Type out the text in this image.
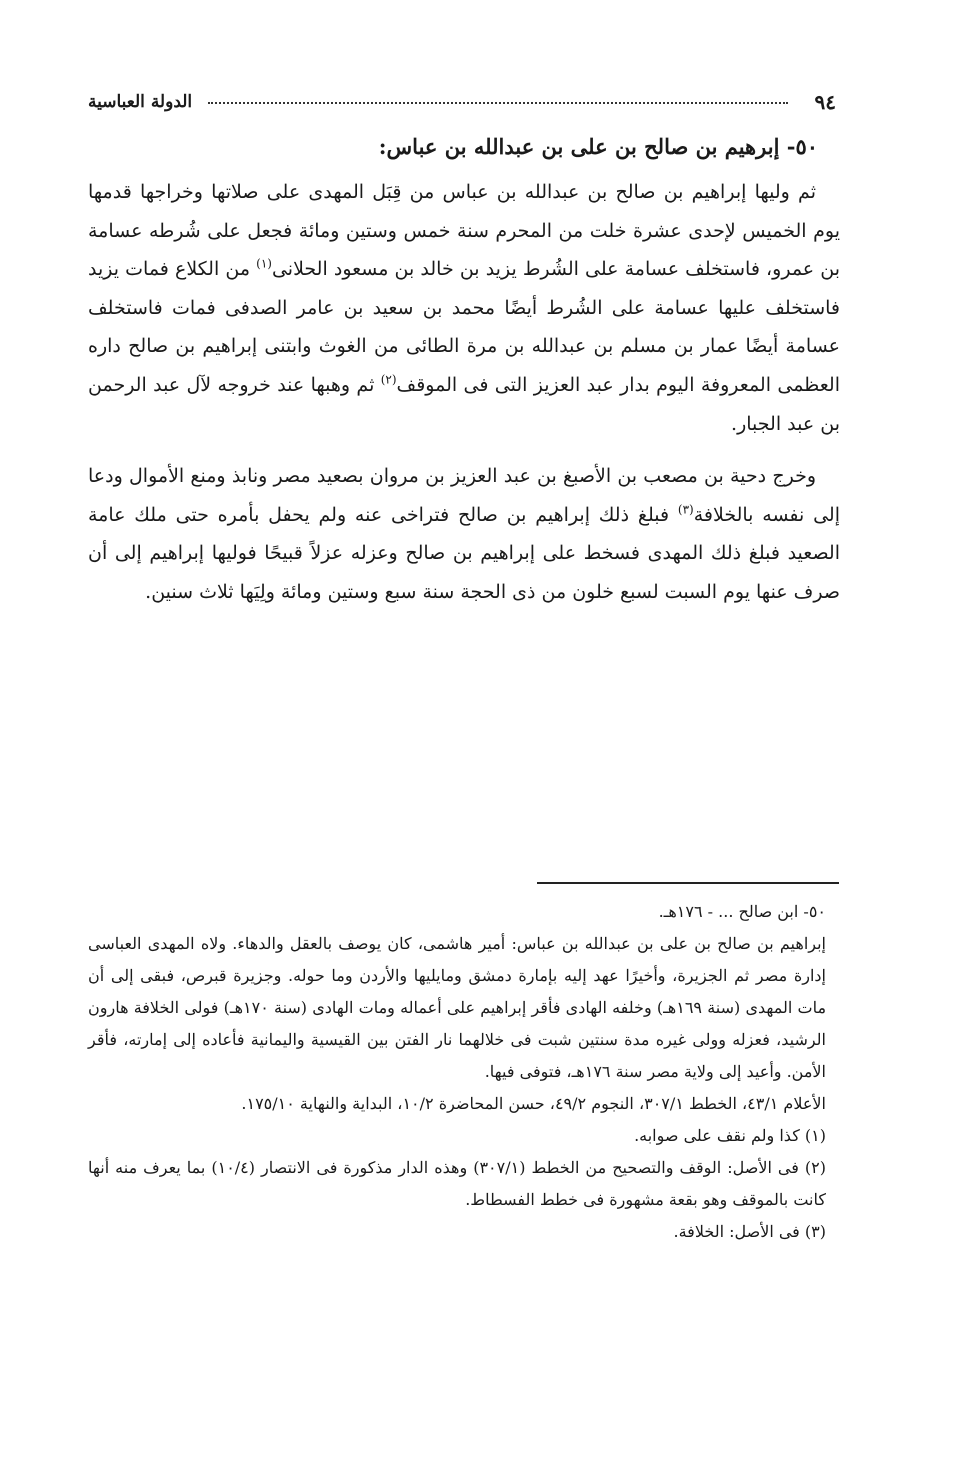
٩٤
الدولة العباسية
٥٠- إبرهيم بن صالح بن على بن عبدالله بن عباس:

ثم وليها إبراهيم بن صالح بن عبدالله بن عباس من قِبَل المهدى على صلاتها وخراجها قدمها يوم الخميس لإحدى عشرة خلت من المحرم سنة خمس وستين ومائة فجعل على شُرطه عسامة بن عمرو، فاستخلف عسامة على الشُرط يزيد بن خالد بن مسعود الحلانى$^{(١)}$ من الكلاع فمات يزيد فاستخلف عليها عسامة على الشُرط أيضًا محمد بن سعيد بن عامر الصدفى فمات فاستخلف عسامة أيضًا عمار بن مسلم بن عبدالله بن مرة الطائى من الغوث وابتنى إبراهيم بن صالح داره العظمى المعروفة اليوم بدار عبد العزيز التى فى الموقف$^{(٢)}$ ثم وهبها عند خروجه لآل عبد الرحمن بن عبد الجبار.

وخرج دحية بن مصعب بن الأصبغ بن عبد العزيز بن مروان بصعيد مصر ونابذ ومنع الأموال ودعا إلى نفسه بالخلافة$^{(٣)}$ فبلغ ذلك إبراهيم بن صالح فتراخى عنه ولم يحفل بأمره حتى ملك عامة الصعيد فبلغ ذلك المهدى فسخط على إبراهيم بن صالح وعزله عزلاً قبيحًا فوليها إبراهيم إلى أن صرف عنها يوم السبت لسبع خلون من ذى الحجة سنة سبع وستين ومائة ولِيَها ثلاث سنين.

٥٠- ابن صالح ... - ١٧٦هـ.
إبراهيم بن صالح بن على بن عبدالله بن عباس: أمير هاشمى، كان يوصف بالعقل والدهاء. ولاه المهدى العباسى إدارة مصر ثم الجزيرة، وأخيرًا عهد إليه بإمارة دمشق ومايليها والأردن وما حوله. وجزيرة قبرص، فبقى إلى أن مات المهدى (سنة ١٦٩هـ) وخلفه الهادى فأقر إبراهيم على أعماله ومات الهادى (سنة ١٧٠هـ) فولى الخلافة هارون الرشيد، فعزله وولى غيره مدة سنتين شبت فى خلالهما نار الفتن بين القيسية واليمانية فأعاده إلى إمارته، فأقر الأمن. وأعيد إلى ولاية مصر سنة ١٧٦هـ، فتوفى فيها.
الأعلام ٤٣/١، الخطط ٣٠٧/١، النجوم ٤٩/٢، حسن المحاضرة ١٠/٢، البداية والنهاية ١٧٥/١٠.
(١) كذا ولم نقف على صوابه.
(٢) فى الأصل: الوقف والتصحيح من الخطط (٣٠٧/١) وهذه الدار مذكورة فى الانتصار (١٠/٤) بما يعرف منه أنها كانت بالموقف وهو بقعة مشهورة فى خطط الفسطاط.
(٣) فى الأصل: الخلافة.
